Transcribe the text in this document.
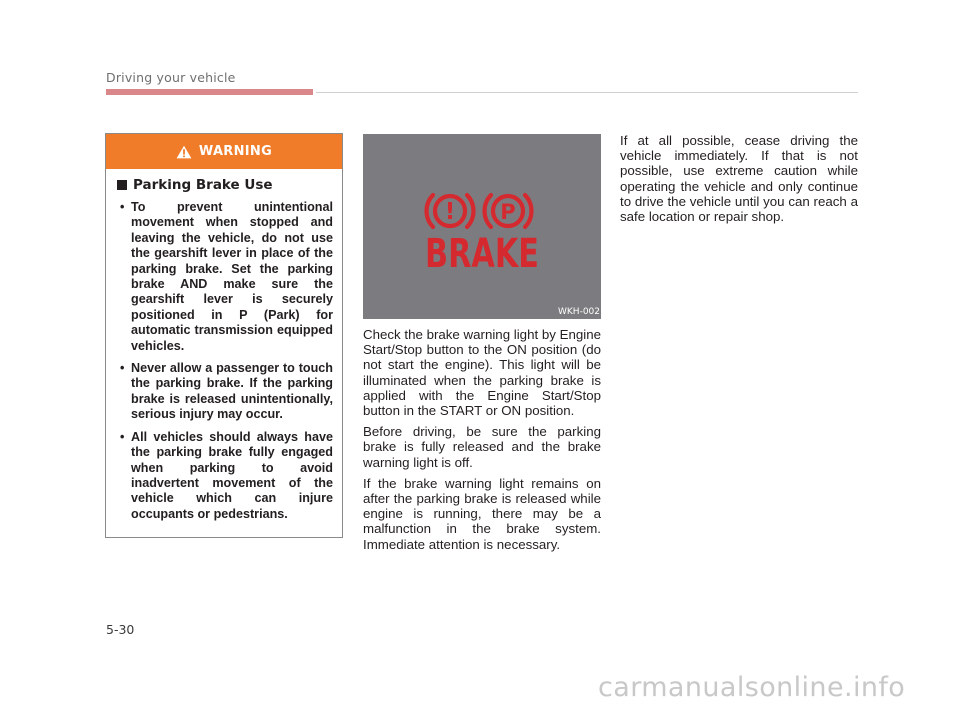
Driving your vehicle
WARNING
Parking Brake Use
• To prevent unintentional movement when stopped and leaving the vehicle, do not use the gearshift lever in place of the parking brake. Set the parking brake AND make sure the gearshift lever is securely positioned in P (Park) for automatic transmission equipped vehicles.
• Never allow a passenger to touch the parking brake. If the parking brake is released unintentionally, serious injury may occur.
• All vehicles should always have the parking brake fully engaged when parking to avoid inadvertent movement of the vehicle which can injure occupants or pedestrians.
! P
BRAKE
WKH-002

Check the brake warning light by Engine Start/Stop button to the ON position (do not start the engine). This light will be illuminated when the parking brake is applied with the Engine Start/Stop button in the START or ON position.

Before driving, be sure the parking brake is fully released and the brake warning light is off.

If the brake warning light remains on after the parking brake is released while engine is running, there may be a malfunction in the brake system. Immediate attention is necessary.

If at all possible, cease driving the vehicle immediately. If that is not possible, use extreme caution while operating the vehicle and only continue to drive the vehicle until you can reach a safe location or repair shop.

5-30
carmanualsonline.info
